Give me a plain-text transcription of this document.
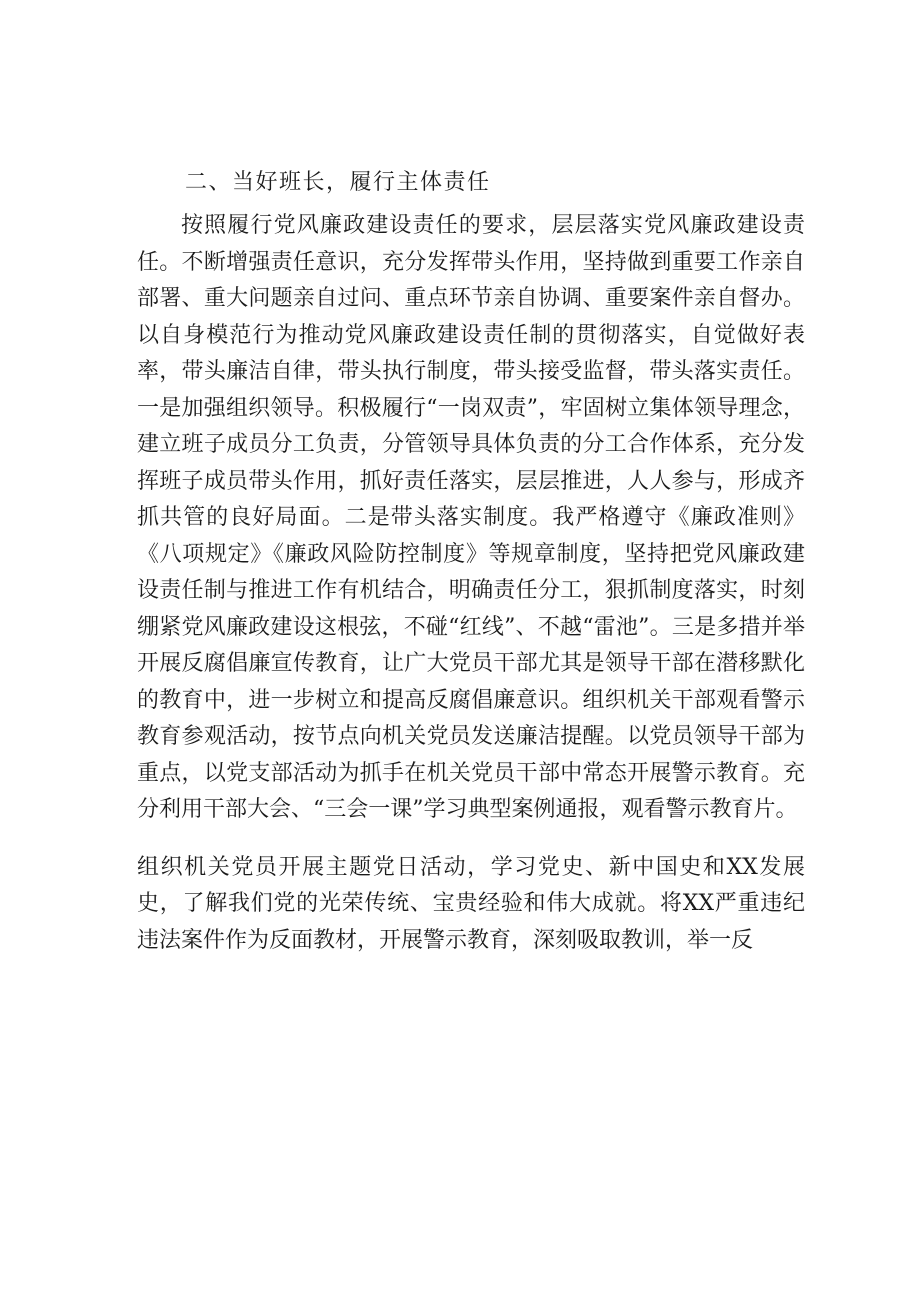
二、当好班长，履行主体责任

按照履行党风廉政建设责任的要求，层层落实党风廉政建设责任。不断增强责任意识，充分发挥带头作用，坚持做到重要工作亲自部署、重大问题亲自过问、重点环节亲自协调、重要案件亲自督办。以自身模范行为推动党风廉政建设责任制的贯彻落实，自觉做好表率，带头廉洁自律，带头执行制度，带头接受监督，带头落实责任。一是加强组织领导。积极履行“一岗双责”，牢固树立集体领导理念，建立班子成员分工负责，分管领导具体负责的分工合作体系，充分发挥班子成员带头作用，抓好责任落实，层层推进，人人参与，形成齐抓共管的良好局面。二是带头落实制度。我严格遵守《廉政准则》《八项规定》《廉政风险防控制度》等规章制度，坚持把党风廉政建设责任制与推进工作有机结合，明确责任分工，狠抓制度落实，时刻绷紧党风廉政建设这根弦，不碰“红线”、不越“雷池”。三是多措并举开展反腐倡廉宣传教育，让广大党员干部尤其是领导干部在潜移默化的教育中，进一步树立和提高反腐倡廉意识。组织机关干部观看警示教育参观活动，按节点向机关党员发送廉洁提醒。以党员领导干部为重点，以党支部活动为抓手在机关党员干部中常态开展警示教育。充分利用干部大会、“三会一课”学习典型案例通报，观看警示教育片。

组织机关党员开展主题党日活动，学习党史、新中国史和XX发展史，了解我们党的光荣传统、宝贵经验和伟大成就。将XX严重违纪违法案件作为反面教材，开展警示教育，深刻吸取教训，举一反
